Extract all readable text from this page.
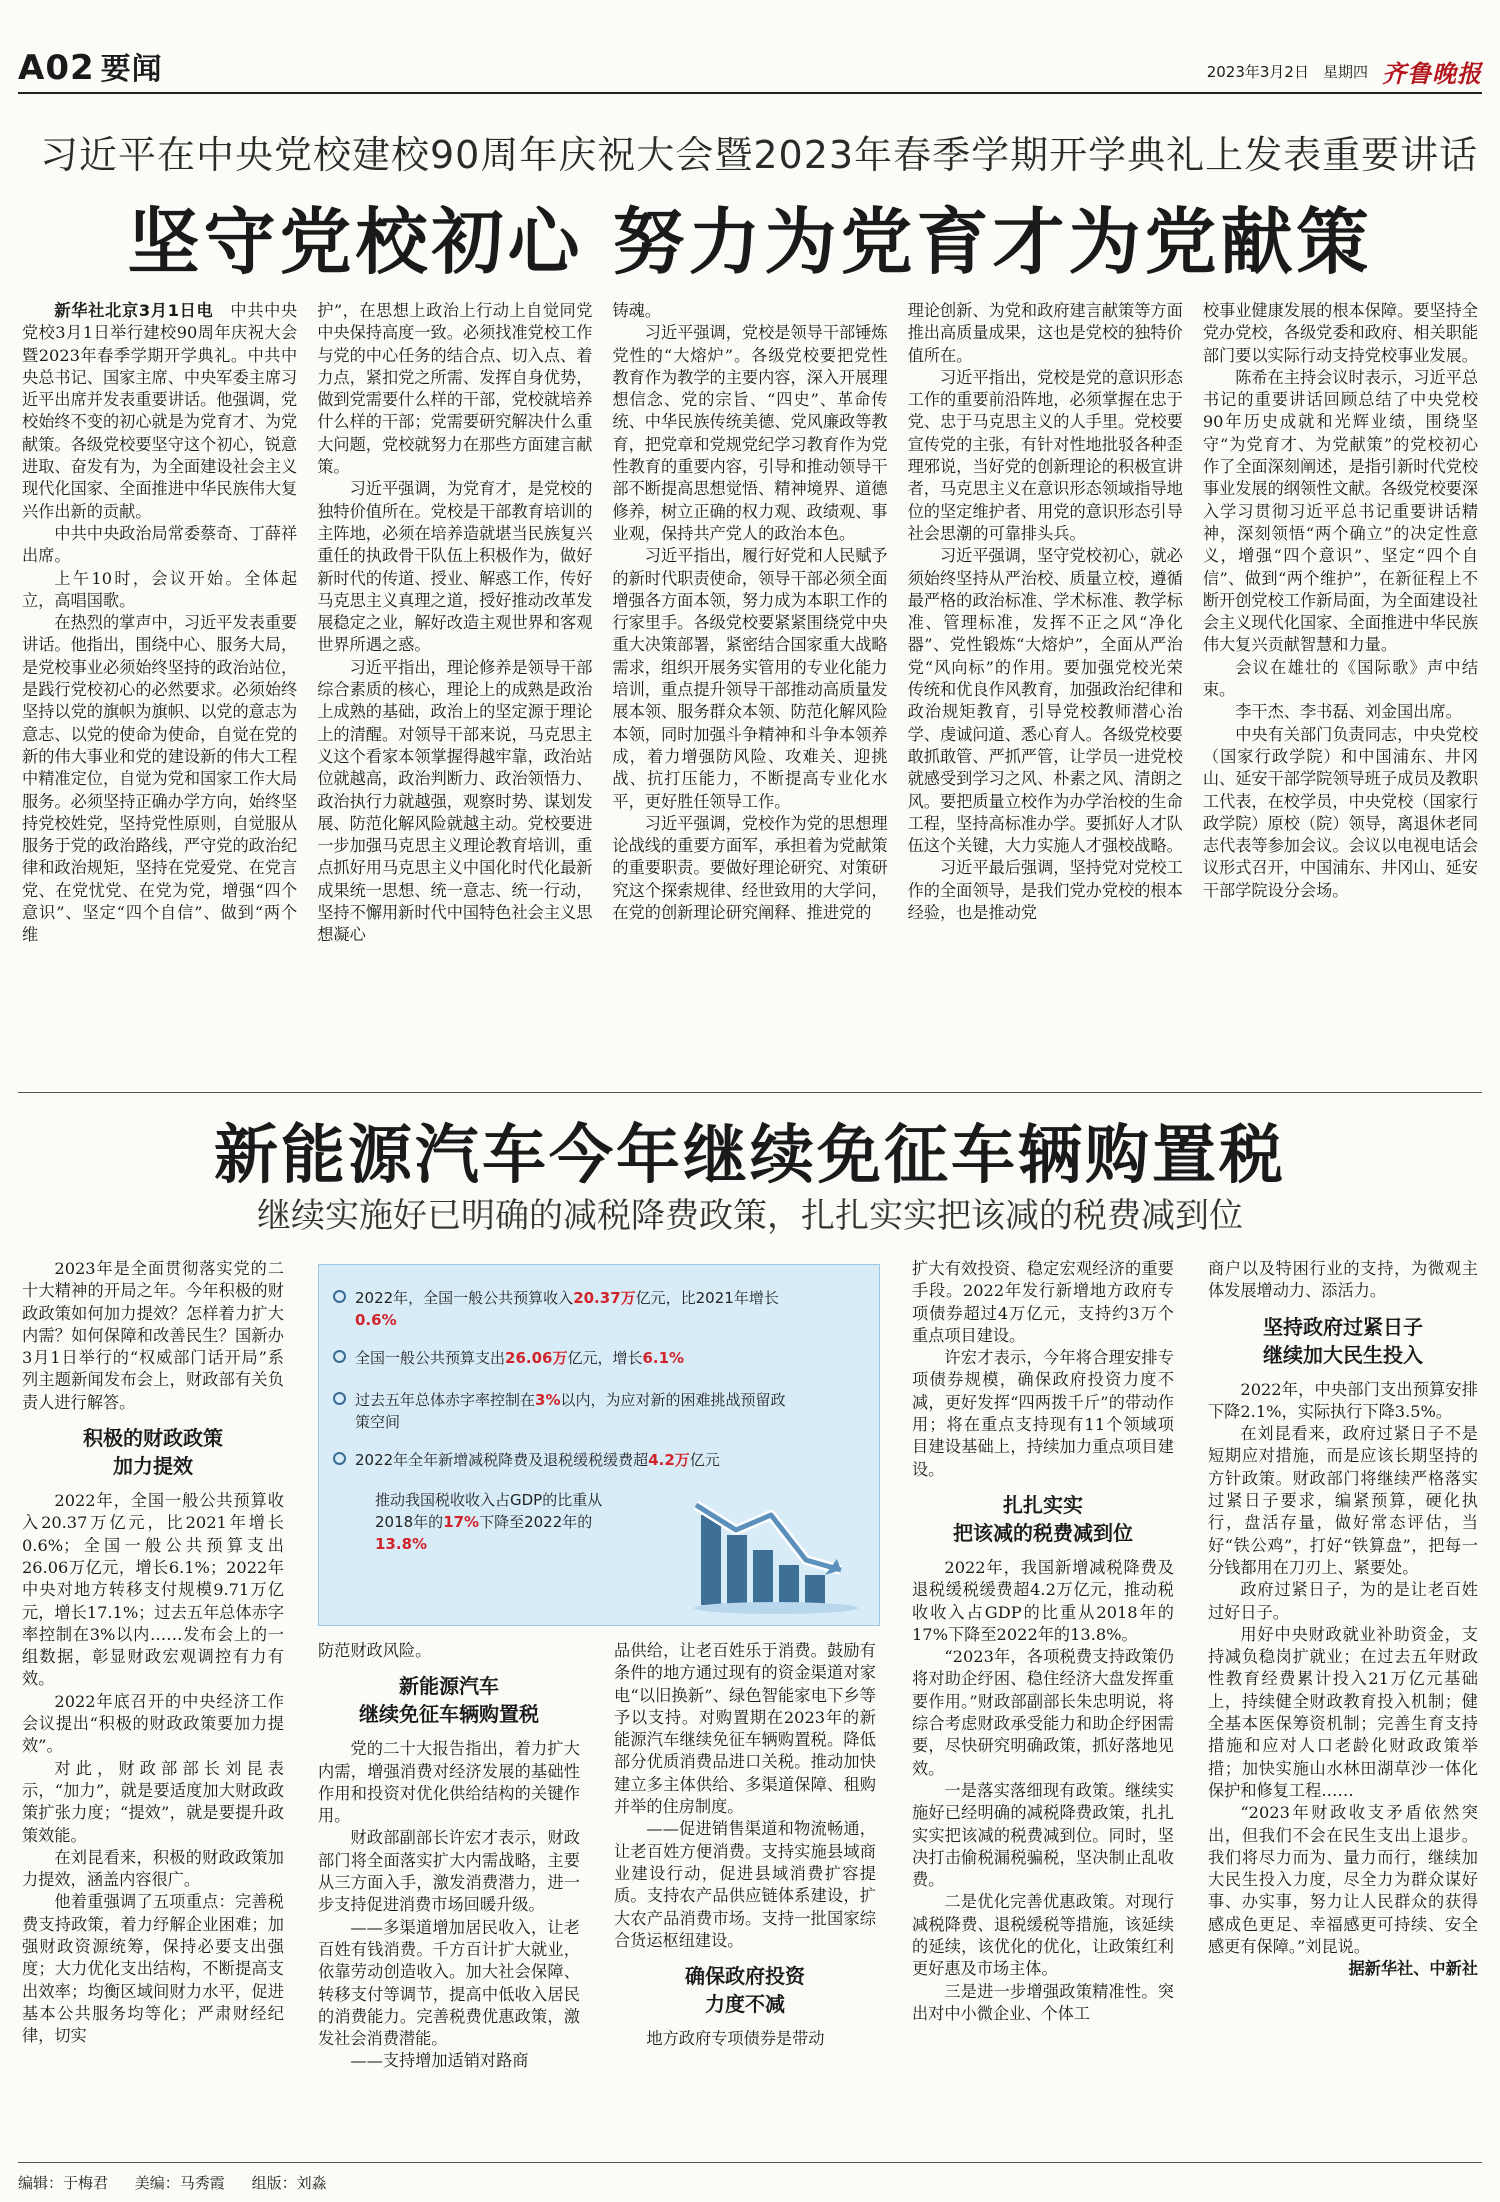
A02 要闻	2023年3月2日 星期四 齐鲁晚报
习近平在中央党校建校90周年庆祝大会暨2023年春季学期开学典礼上发表重要讲话
坚守党校初心 努力为党育才为党献策

新华社北京3月1日电 中共中央党校3月1日举行建校90周年庆祝大会暨2023年春季学期开学典礼。中共中央总书记、国家主席、中央军委主席习近平出席并发表重要讲话。他强调，党校始终不变的初心就是为党育才、为党献策。各级党校要坚守这个初心，锐意进取、奋发有为，为全面建设社会主义现代化国家、全面推进中华民族伟大复兴作出新的贡献。

中共中央政治局常委蔡奇、丁薛祥出席。

上午10时，会议开始。全体起立，高唱国歌。

在热烈的掌声中，习近平发表重要讲话。他指出，围绕中心、服务大局，是党校事业必须始终坚持的政治站位，是践行党校初心的必然要求。必须始终坚持以党的旗帜为旗帜、以党的意志为意志、以党的使命为使命，自觉在党的新的伟大事业和党的建设新的伟大工程中精准定位，自觉为党和国家工作大局服务。必须坚持正确办学方向，始终坚持党校姓党，坚持党性原则，自觉服从服务于党的政治路线，严守党的政治纪律和政治规矩，坚持在党爱党、在党言党、在党忧党、在党为党，增强“四个意识”、坚定“四个自信”、做到“两个维

护”，在思想上政治上行动上自觉同党中央保持高度一致。必须找准党校工作与党的中心任务的结合点、切入点、着力点，紧扣党之所需、发挥自身优势，做到党需要什么样的干部，党校就培养什么样的干部；党需要研究解决什么重大问题，党校就努力在那些方面建言献策。

习近平强调，为党育才，是党校的独特价值所在。党校是干部教育培训的主阵地，必须在培养造就堪当民族复兴重任的执政骨干队伍上积极作为，做好新时代的传道、授业、解惑工作，传好马克思主义真理之道，授好推动改革发展稳定之业，解好改造主观世界和客观世界所遇之惑。

习近平指出，理论修养是领导干部综合素质的核心，理论上的成熟是政治上成熟的基础，政治上的坚定源于理论上的清醒。对领导干部来说，马克思主义这个看家本领掌握得越牢靠，政治站位就越高，政治判断力、政治领悟力、政治执行力就越强，观察时势、谋划发展、防范化解风险就越主动。党校要进一步加强马克思主义理论教育培训，重点抓好用马克思主义中国化时代化最新成果统一思想、统一意志、统一行动，坚持不懈用新时代中国特色社会主义思想凝心

铸魂。

习近平强调，党校是领导干部锤炼党性的“大熔炉”。各级党校要把党性教育作为教学的主要内容，深入开展理想信念、党的宗旨、“四史”、革命传统、中华民族传统美德、党风廉政等教育，把党章和党规党纪学习教育作为党性教育的重要内容，引导和推动领导干部不断提高思想觉悟、精神境界、道德修养，树立正确的权力观、政绩观、事业观，保持共产党人的政治本色。

习近平指出，履行好党和人民赋予的新时代职责使命，领导干部必须全面增强各方面本领，努力成为本职工作的行家里手。各级党校要紧紧围绕党中央重大决策部署，紧密结合国家重大战略需求，组织开展务实管用的专业化能力培训，重点提升领导干部推动高质量发展本领、服务群众本领、防范化解风险本领，同时加强斗争精神和斗争本领养成，着力增强防风险、攻难关、迎挑战、抗打压能力，不断提高专业化水平，更好胜任领导工作。

习近平强调，党校作为党的思想理论战线的重要方面军，承担着为党献策的重要职责。要做好理论研究、对策研究这个探索规律、经世致用的大学问，在党的创新理论研究阐释、推进党的

理论创新、为党和政府建言献策等方面推出高质量成果，这也是党校的独特价值所在。

习近平指出，党校是党的意识形态工作的重要前沿阵地，必须掌握在忠于党、忠于马克思主义的人手里。党校要宣传党的主张，有针对性地批驳各种歪理邪说，当好党的创新理论的积极宣讲者，马克思主义在意识形态领域指导地位的坚定维护者、用党的意识形态引导社会思潮的可靠排头兵。

习近平强调，坚守党校初心，就必须始终坚持从严治校、质量立校，遵循最严格的政治标准、学术标准、教学标准、管理标准，发挥不正之风“净化器”、党性锻炼“大熔炉”，全面从严治党“风向标”的作用。要加强党校光荣传统和优良作风教育，加强政治纪律和政治规矩教育，引导党校教师潜心治学、虔诚问道、悉心育人。各级党校要敢抓敢管、严抓严管，让学员一进党校就感受到学习之风、朴素之风、清朗之风。要把质量立校作为办学治校的生命工程，坚持高标准办学。要抓好人才队伍这个关键，大力实施人才强校战略。

习近平最后强调，坚持党对党校工作的全面领导，是我们党办党校的根本经验，也是推动党

校事业健康发展的根本保障。要坚持全党办党校，各级党委和政府、相关职能部门要以实际行动支持党校事业发展。

陈希在主持会议时表示，习近平总书记的重要讲话回顾总结了中央党校90年历史成就和光辉业绩，围绕坚守“为党育才、为党献策”的党校初心作了全面深刻阐述，是指引新时代党校事业发展的纲领性文献。各级党校要深入学习贯彻习近平总书记重要讲话精神，深刻领悟“两个确立”的决定性意义，增强“四个意识”、坚定“四个自信”、做到“两个维护”，在新征程上不断开创党校工作新局面，为全面建设社会主义现代化国家、全面推进中华民族伟大复兴贡献智慧和力量。

会议在雄壮的《国际歌》声中结束。

李干杰、李书磊、刘金国出席。

中央有关部门负责同志，中央党校（国家行政学院）和中国浦东、井冈山、延安干部学院领导班子成员及教职工代表，在校学员，中央党校（国家行政学院）原校（院）领导，离退休老同志代表等参加会议。会议以电视电话会议形式召开，中国浦东、井冈山、延安干部学院设分会场。

新能源汽车今年继续免征车辆购置税
继续实施好已明确的减税降费政策，扎扎实实把该减的税费减到位

2023年是全面贯彻落实党的二十大精神的开局之年。今年积极的财政政策如何加力提效？怎样着力扩大内需？如何保障和改善民生？国新办3月1日举行的“权威部门话开局”系列主题新闻发布会上，财政部有关负责人进行解答。

积极的财政政策
加力提效

2022年，全国一般公共预算收入20.37万亿元，比2021年增长0.6%；全国一般公共预算支出26.06万亿元，增长6.1%；2022年中央对地方转移支付规模9.71万亿元，增长17.1%；过去五年总体赤字率控制在3%以内……发布会上的一组数据，彰显财政宏观调控有力有效。

2022年底召开的中央经济工作会议提出“积极的财政政策要加力提效”。

对此，财政部部长刘昆表示，“加力”，就是要适度加大财政政策扩张力度；“提效”，就是要提升政策效能。

在刘昆看来，积极的财政政策加力提效，涵盖内容很广。

他着重强调了五项重点：完善税费支持政策，着力纾解企业困难；加强财政资源统筹，保持必要支出强度；大力优化支出结构，不断提高支出效率；均衡区域间财力水平，促进基本公共服务均等化；严肃财经纪律，切实

防范财政风险。

新能源汽车
继续免征车辆购置税

党的二十大报告指出，着力扩大内需，增强消费对经济发展的基础性作用和投资对优化供给结构的关键作用。

财政部副部长许宏才表示，财政部门将全面落实扩大内需战略，主要从三方面入手，激发消费潜力，进一步支持促进消费市场回暖升级。

——多渠道增加居民收入，让老百姓有钱消费。千方百计扩大就业，依靠劳动创造收入。加大社会保障、转移支付等调节，提高中低收入居民的消费能力。完善税费优惠政策，激发社会消费潜能。

——支持增加适销对路商

品供给，让老百姓乐于消费。鼓励有条件的地方通过现有的资金渠道对家电“以旧换新”、绿色智能家电下乡等予以支持。对购置期在2023年的新能源汽车继续免征车辆购置税。降低部分优质消费品进口关税。推动加快建立多主体供给、多渠道保障、租购并举的住房制度。

——促进销售渠道和物流畅通，让老百姓方便消费。支持实施县域商业建设行动，促进县域消费扩容提质。支持农产品供应链体系建设，扩大农产品消费市场。支持一批国家综合货运枢纽建设。

确保政府投资
力度不减

地方政府专项债券是带动

扩大有效投资、稳定宏观经济的重要手段。2022年发行新增地方政府专项债券超过4万亿元，支持约3万个重点项目建设。

许宏才表示，今年将合理安排专项债券规模，确保政府投资力度不减，更好发挥“四两拨千斤”的带动作用；将在重点支持现有11个领域项目建设基础上，持续加力重点项目建设。

扎扎实实
把该减的税费减到位

2022年，我国新增减税降费及退税缓税缓费超4.2万亿元，推动税收收入占GDP的比重从2018年的17%下降至2022年的13.8%。

“2023年，各项税费支持政策仍将对助企纾困、稳住经济大盘发挥重要作用。”财政部副部长朱忠明说，将综合考虑财政承受能力和助企纾困需要，尽快研究明确政策，抓好落地见效。

一是落实落细现有政策。继续实施好已经明确的减税降费政策，扎扎实实把该减的税费减到位。同时，坚决打击偷税漏税骗税，坚决制止乱收费。

二是优化完善优惠政策。对现行减税降费、退税缓税等措施，该延续的延续，该优化的优化，让政策红利更好惠及市场主体。

三是进一步增强政策精准性。突出对中小微企业、个体工

商户以及特困行业的支持，为微观主体发展增动力、添活力。

坚持政府过紧日子
继续加大民生投入

2022年，中央部门支出预算安排下降2.1%，实际执行下降3.5%。

在刘昆看来，政府过紧日子不是短期应对措施，而是应该长期坚持的方针政策。财政部门将继续严格落实过紧日子要求，编紧预算，硬化执行，盘活存量，做好常态评估，当好“铁公鸡”，打好“铁算盘”，把每一分钱都用在刀刃上、紧要处。

政府过紧日子，为的是让老百姓过好日子。

用好中央财政就业补助资金，支持减负稳岗扩就业；在过去五年财政性教育经费累计投入21万亿元基础上，持续健全财政教育投入机制；健全基本医保筹资机制；完善生育支持措施和应对人口老龄化财政政策举措；加快实施山水林田湖草沙一体化保护和修复工程……

“2023年财政收支矛盾依然突出，但我们不会在民生支出上退步。我们将尽力而为、量力而行，继续加大民生投入力度，尽全力为群众谋好事、办实事，努力让人民群众的获得感成色更足、幸福感更可持续、安全感更有保障。”刘昆说。

据新华社、中新社

2022年，全国一般公共预算收入20.37万亿元，比2021年增长0.6%
全国一般公共预算支出26.06万亿元，增长6.1%
过去五年总体赤字率控制在3%以内，为应对新的困难挑战预留政策空间
2022年全年新增减税降费及退税缓税缓费超4.2万亿元
推动我国税收收入占GDP的比重从2018年的17%下降至2022年的13.8%
编辑：于梅君 美编：马秀霞 组版：刘淼
